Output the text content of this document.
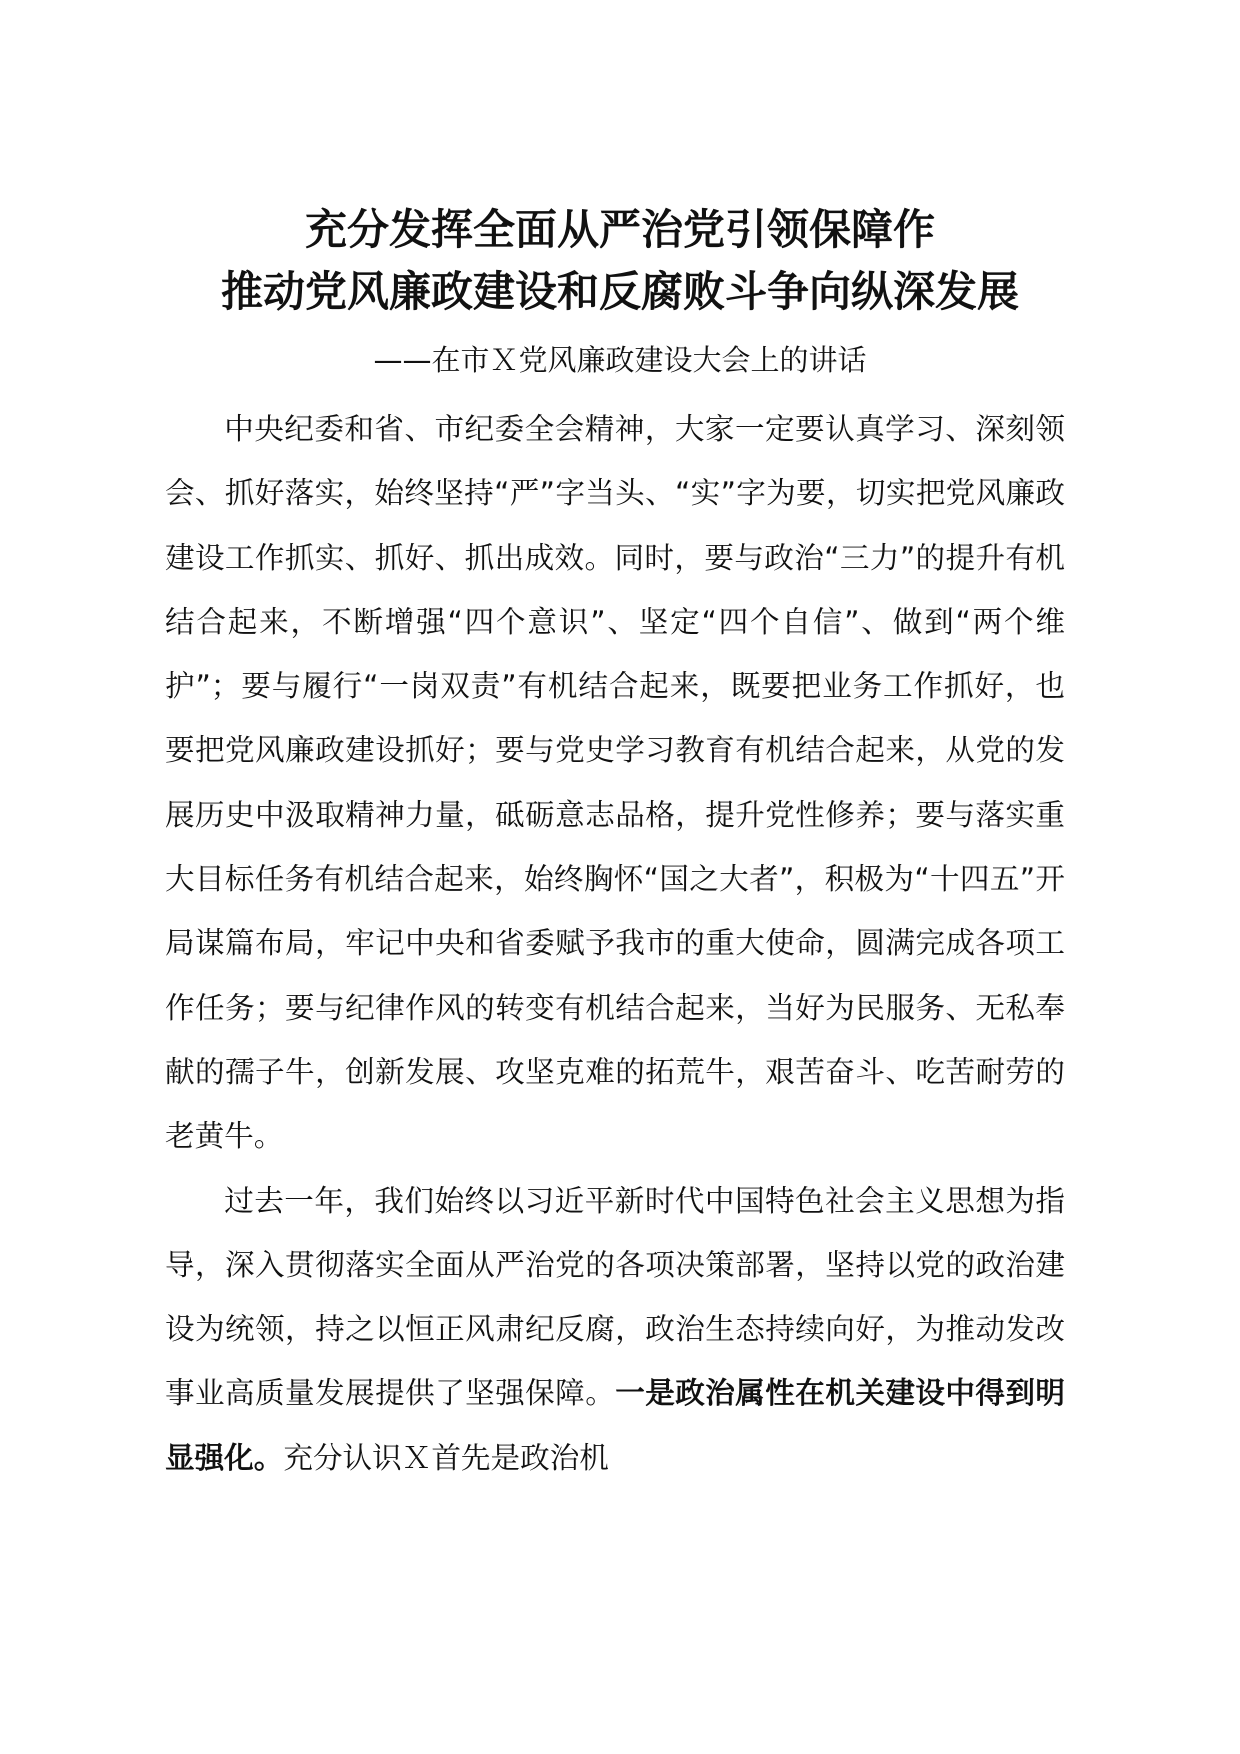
充分发挥全面从严治党引领保障作
推动党风廉政建设和反腐败斗争向纵深发展

——在市Ｘ党风廉政建设大会上的讲话

中央纪委和省、市纪委全会精神，大家一定要认真学习、深刻领会、抓好落实，始终坚持“严”字当头、“实”字为要，切实把党风廉政建设工作抓实、抓好、抓出成效。同时，要与政治“三力”的提升有机结合起来，不断增强“四个意识”、坚定“四个自信”、做到“两个维护”；要与履行“一岗双责”有机结合起来，既要把业务工作抓好，也要把党风廉政建设抓好；要与党史学习教育有机结合起来，从党的发展历史中汲取精神力量，砥砺意志品格，提升党性修养；要与落实重大目标任务有机结合起来，始终胸怀“国之大者”，积极为“十四五”开局谋篇布局，牢记中央和省委赋予我市的重大使命，圆满完成各项工作任务；要与纪律作风的转变有机结合起来，当好为民服务、无私奉献的孺子牛，创新发展、攻坚克难的拓荒牛，艰苦奋斗、吃苦耐劳的老黄牛。

过去一年，我们始终以习近平新时代中国特色社会主义思想为指导，深入贯彻落实全面从严治党的各项决策部署，坚持以党的政治建设为统领，持之以恒正风肃纪反腐，政治生态持续向好，为推动发改事业高质量发展提供了坚强保障。一是政治属性在机关建设中得到明显强化。充分认识Ｘ首先是政治机
